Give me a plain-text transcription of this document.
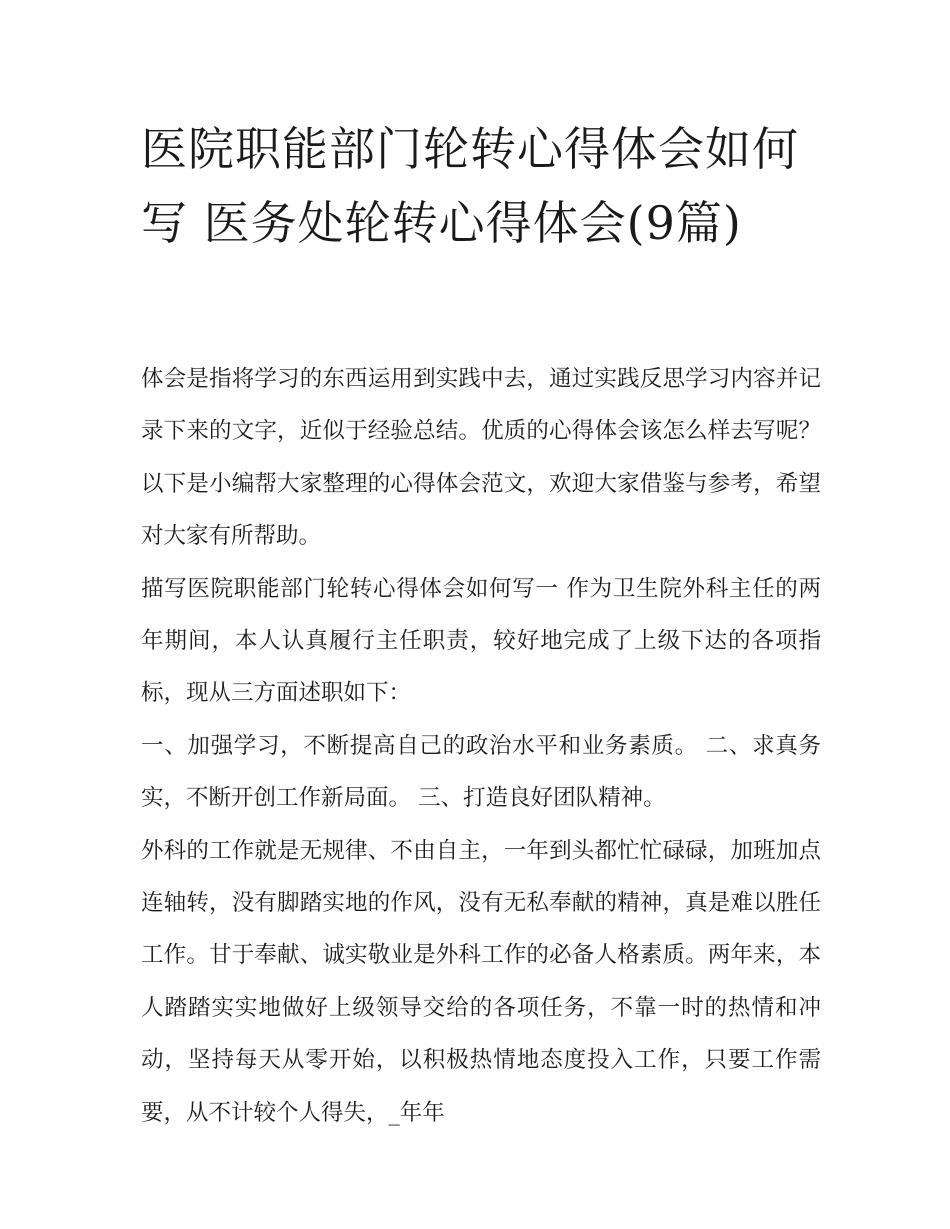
医院职能部门轮转心得体会如何写 医务处轮转心得体会(9篇)

体会是指将学习的东西运用到实践中去，通过实践反思学习内容并记录下来的文字，近似于经验总结。优质的心得体会该怎么样去写呢？以下是小编帮大家整理的心得体会范文，欢迎大家借鉴与参考，希望对大家有所帮助。

描写医院职能部门轮转心得体会如何写一 作为卫生院外科主任的两年期间，本人认真履行主任职责，较好地完成了上级下达的各项指标，现从三方面述职如下：

一、加强学习，不断提高自己的政治水平和业务素质。 二、求真务实，不断开创工作新局面。 三、打造良好团队精神。

外科的工作就是无规律、不由自主，一年到头都忙忙碌碌，加班加点连轴转，没有脚踏实地的作风，没有无私奉献的精神，真是难以胜任工作。甘于奉献、诚实敬业是外科工作的必备人格素质。两年来，本人踏踏实实地做好上级领导交给的各项任务，不靠一时的热情和冲动，坚持每天从零开始，以积极热情地态度投入工作，只要工作需要，从不计较个人得失，_年年
